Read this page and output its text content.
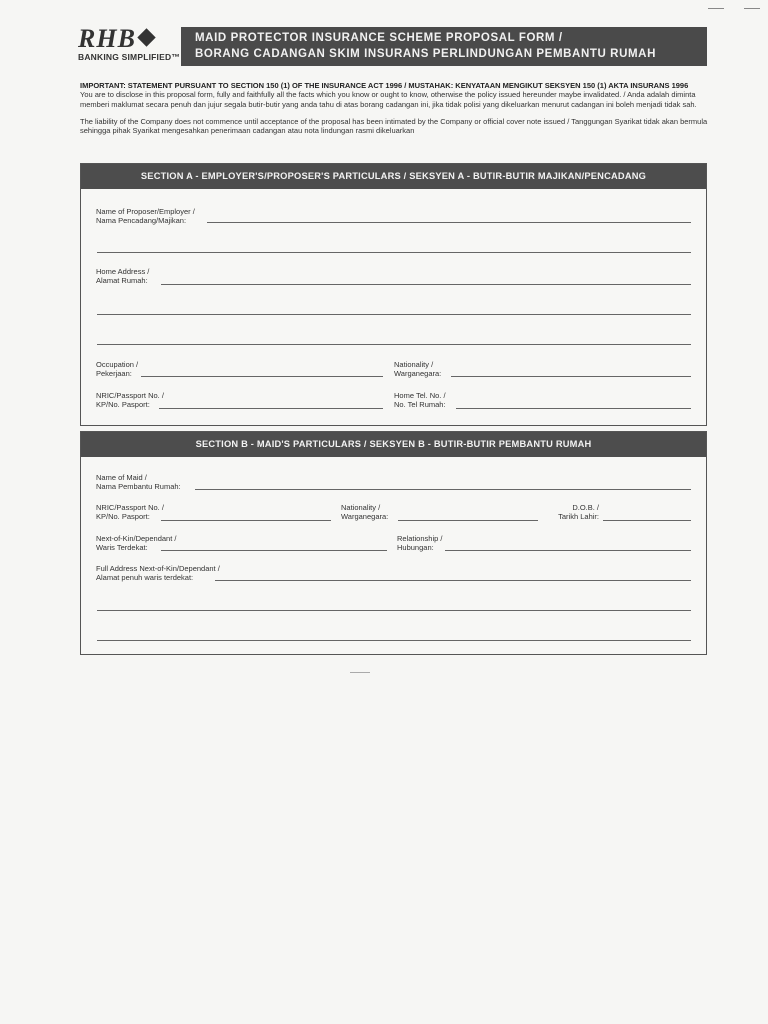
RHB
BANKING SIMPLIFIED™
MAID PROTECTOR INSURANCE SCHEME PROPOSAL FORM /
BORANG CADANGAN SKIM INSURANS PERLINDUNGAN PEMBANTU RUMAH

IMPORTANT: STATEMENT PURSUANT TO SECTION 150 (1) OF THE INSURANCE ACT 1996 / MUSTAHAK: KENYATAAN MENGIKUT SEKSYEN 150 (1) AKTA INSURANS 1996

You are to disclose in this proposal form, fully and faithfully all the facts which you know or ought to know, otherwise the policy issued hereunder maybe invalidated. / Anda adalah diminta memberi maklumat secara penuh dan jujur segala butir-butir yang anda tahu di atas borang cadangan ini, jika tidak polisi yang dikeluarkan menurut cadangan ini boleh menjadi tidak sah.

The liability of the Company does not commence until acceptance of the proposal has been intimated by the Company or official cover note issued / Tanggungan Syarikat tidak akan bermula sehingga pihak Syarikat mengesahkan penerimaan cadangan atau nota lindungan rasmi dikeluarkan

SECTION A - EMPLOYER'S/PROPOSER'S PARTICULARS / SEKSYEN A - BUTIR-BUTIR MAJIKAN/PENCADANG
Name of Proposer/Employer /
Nama Pencadang/Majikan:
Home Address /
Alamat Rumah:
Occupation /
Pekerjaan:
Nationality /
Warganegara:
NRIC/Passport No. /
KP/No. Pasport:
Home Tel. No. /
No. Tel Rumah:
SECTION B - MAID'S PARTICULARS / SEKSYEN B - BUTIR-BUTIR PEMBANTU RUMAH
Name of Maid /
Nama Pembantu Rumah:
NRIC/Passport No. /
KP/No. Pasport:
Nationality /
Warganegara:
D.O.B. /
Tarikh Lahir:
Next-of-Kin/Dependant /
Waris Terdekat:
Relationship /
Hubungan:
Full Address Next-of-Kin/Dependant /
Alamat penuh waris terdekat:
